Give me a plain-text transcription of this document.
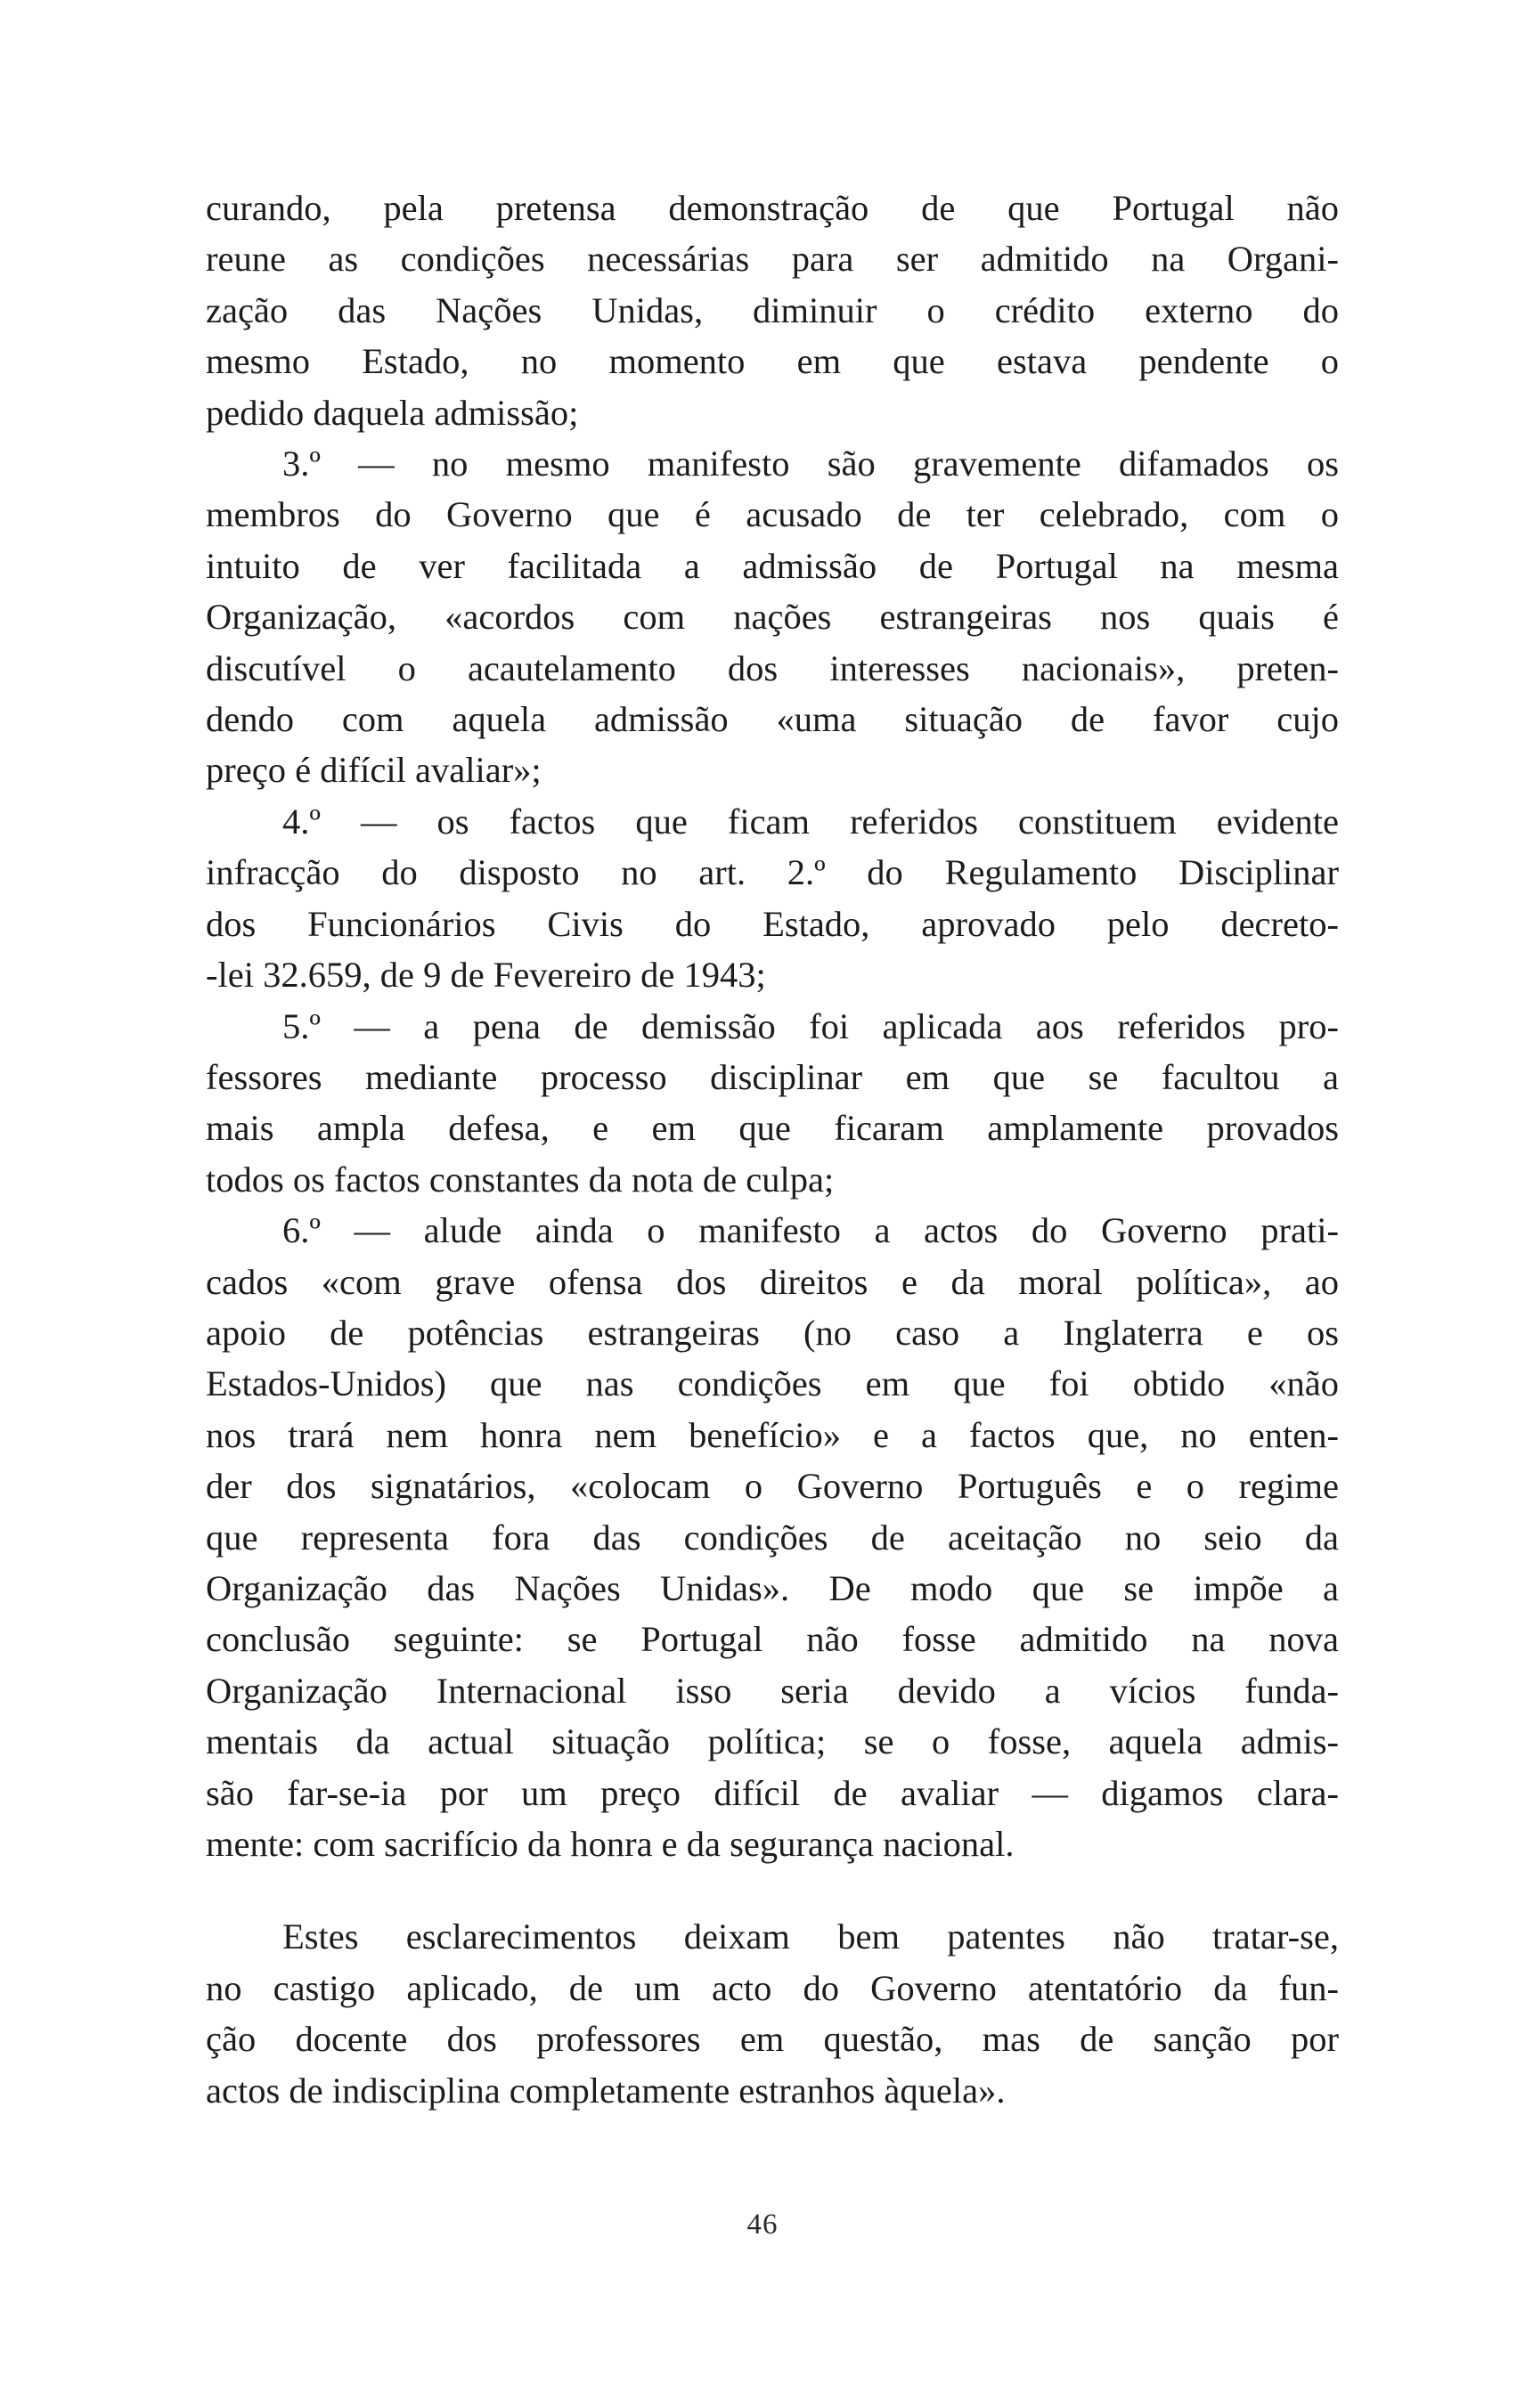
curando, pela pretensa demonstração de que Portugal não
reune as condições necessárias para ser admitido na Organi-
zação das Nações Unidas, diminuir o crédito externo do
mesmo Estado, no momento em que estava pendente o
pedido daquela admissão;

3.º — no mesmo manifesto são gravemente difamados os
membros do Governo que é acusado de ter celebrado, com o
intuito de ver facilitada a admissão de Portugal na mesma
Organização, «acordos com nações estrangeiras nos quais é
discutível o acautelamento dos interesses nacionais», preten-
dendo com aquela admissão «uma situação de favor cujo
preço é difícil avaliar»;

4.º — os factos que ficam referidos constituem evidente
infracção do disposto no art. 2.º do Regulamento Disciplinar
dos Funcionários Civis do Estado, aprovado pelo decreto-
-lei 32.659, de 9 de Fevereiro de 1943;

5.º — a pena de demissão foi aplicada aos referidos pro-
fessores mediante processo disciplinar em que se facultou a
mais ampla defesa, e em que ficaram amplamente provados
todos os factos constantes da nota de culpa;

6.º — alude ainda o manifesto a actos do Governo prati-
cados «com grave ofensa dos direitos e da moral política», ao
apoio de potências estrangeiras (no caso a Inglaterra e os
Estados-Unidos) que nas condições em que foi obtido «não
nos trará nem honra nem benefício» e a factos que, no enten-
der dos signatários, «colocam o Governo Português e o regime
que representa fora das condições de aceitação no seio da
Organização das Nações Unidas». De modo que se impõe a
conclusão seguinte: se Portugal não fosse admitido na nova
Organização Internacional isso seria devido a vícios funda-
mentais da actual situação política; se o fosse, aquela admis-
são far-se-ia por um preço difícil de avaliar — digamos clara-
mente: com sacrifício da honra e da segurança nacional.

Estes esclarecimentos deixam bem patentes não tratar-se,
no castigo aplicado, de um acto do Governo atentatório da fun-
ção docente dos professores em questão, mas de sanção por
actos de indisciplina completamente estranhos àquela».

46
